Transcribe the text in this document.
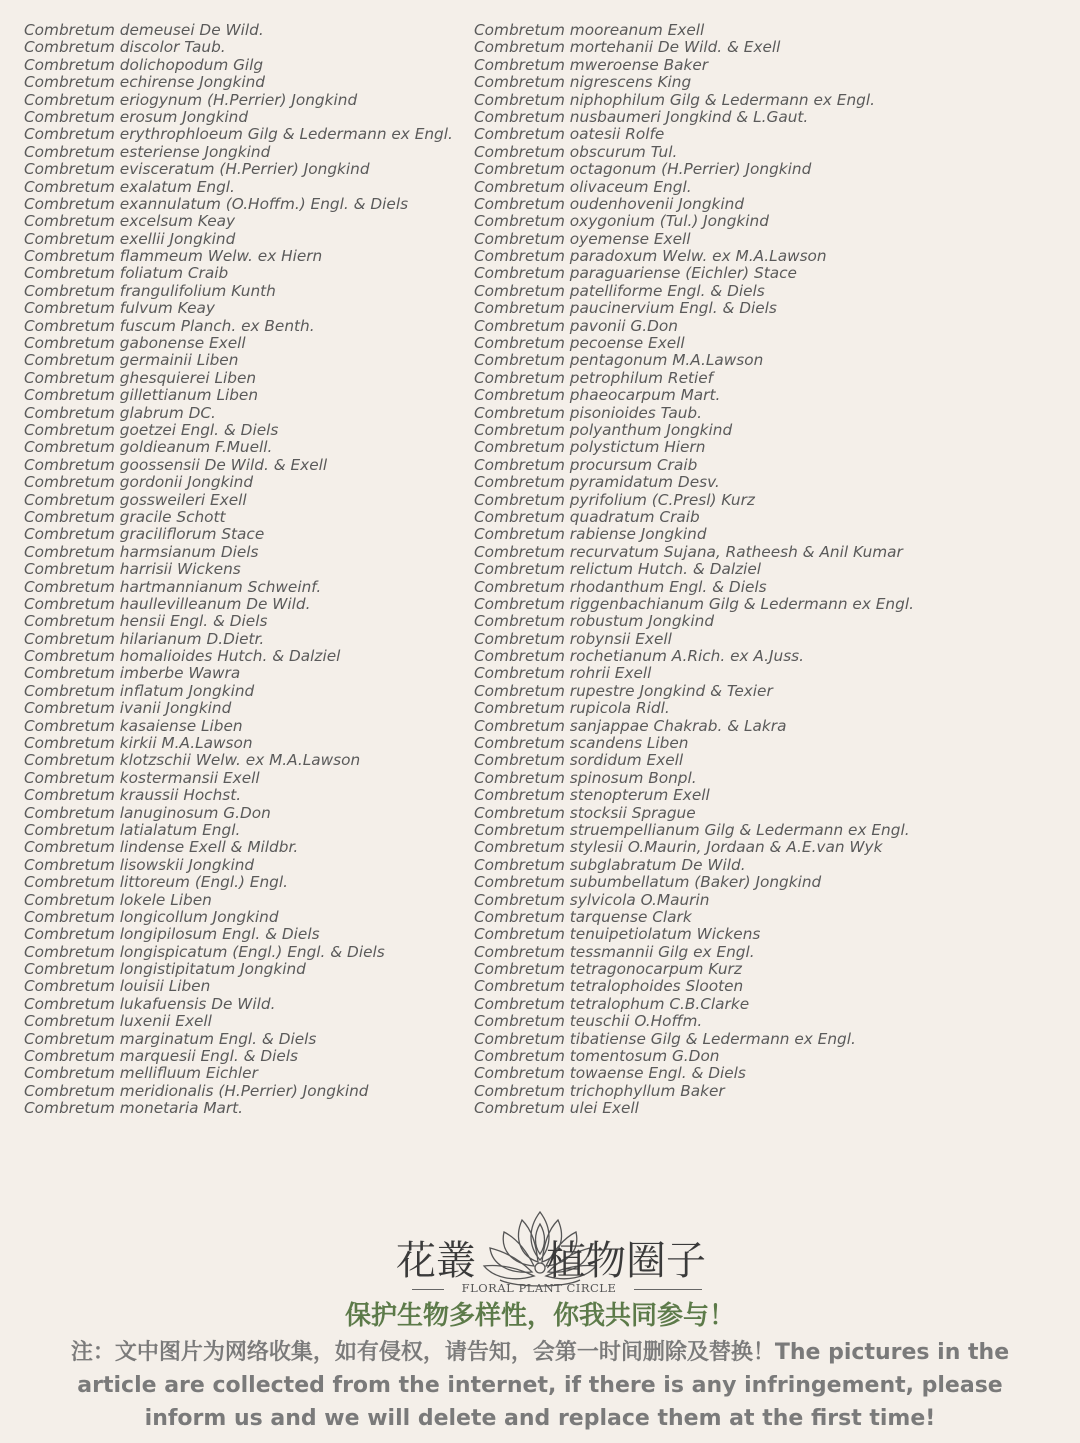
Combretum demeusei De Wild.
Combretum discolor Taub.
Combretum dolichopodum Gilg
Combretum echirense Jongkind
Combretum eriogynum (H.Perrier) Jongkind
Combretum erosum Jongkind
Combretum erythrophloeum Gilg & Ledermann ex Engl.
Combretum esteriense Jongkind
Combretum evisceratum (H.Perrier) Jongkind
Combretum exalatum Engl.
Combretum exannulatum (O.Hoffm.) Engl. & Diels
Combretum excelsum Keay
Combretum exellii Jongkind
Combretum flammeum Welw. ex Hiern
Combretum foliatum Craib
Combretum frangulifolium Kunth
Combretum fulvum Keay
Combretum fuscum Planch. ex Benth.
Combretum gabonense Exell
Combretum germainii Liben
Combretum ghesquierei Liben
Combretum gillettianum Liben
Combretum glabrum DC.
Combretum goetzei Engl. & Diels
Combretum goldieanum F.Muell.
Combretum goossensii De Wild. & Exell
Combretum gordonii Jongkind
Combretum gossweileri Exell
Combretum gracile Schott
Combretum graciliflorum Stace
Combretum harmsianum Diels
Combretum harrisii Wickens
Combretum hartmannianum Schweinf.
Combretum haullevilleanum De Wild.
Combretum hensii Engl. & Diels
Combretum hilarianum D.Dietr.
Combretum homalioides Hutch. & Dalziel
Combretum imberbe Wawra
Combretum inflatum Jongkind
Combretum ivanii Jongkind
Combretum kasaiense Liben
Combretum kirkii M.A.Lawson
Combretum klotzschii Welw. ex M.A.Lawson
Combretum kostermansii Exell
Combretum kraussii Hochst.
Combretum lanuginosum G.Don
Combretum latialatum Engl.
Combretum lindense Exell & Mildbr.
Combretum lisowskii Jongkind
Combretum littoreum (Engl.) Engl.
Combretum lokele Liben
Combretum longicollum Jongkind
Combretum longipilosum Engl. & Diels
Combretum longispicatum (Engl.) Engl. & Diels
Combretum longistipitatum Jongkind
Combretum louisii Liben
Combretum lukafuensis De Wild.
Combretum luxenii Exell
Combretum marginatum Engl. & Diels
Combretum marquesii Engl. & Diels
Combretum mellifluum Eichler
Combretum meridionalis (H.Perrier) Jongkind
Combretum monetaria Mart.
Combretum mooreanum Exell
Combretum mortehanii De Wild. & Exell
Combretum mweroense Baker
Combretum nigrescens King
Combretum niphophilum Gilg & Ledermann ex Engl.
Combretum nusbaumeri Jongkind & L.Gaut.
Combretum oatesii Rolfe
Combretum obscurum Tul.
Combretum octagonum (H.Perrier) Jongkind
Combretum olivaceum Engl.
Combretum oudenhovenii Jongkind
Combretum oxygonium (Tul.) Jongkind
Combretum oyemense Exell
Combretum paradoxum Welw. ex M.A.Lawson
Combretum paraguariense (Eichler) Stace
Combretum patelliforme Engl. & Diels
Combretum paucinervium Engl. & Diels
Combretum pavonii G.Don
Combretum pecoense Exell
Combretum pentagonum M.A.Lawson
Combretum petrophilum Retief
Combretum phaeocarpum Mart.
Combretum pisonioides Taub.
Combretum polyanthum Jongkind
Combretum polystictum Hiern
Combretum procursum Craib
Combretum pyramidatum Desv.
Combretum pyrifolium (C.Presl) Kurz
Combretum quadratum Craib
Combretum rabiense Jongkind
Combretum recurvatum Sujana, Ratheesh & Anil Kumar
Combretum relictum Hutch. & Dalziel
Combretum rhodanthum Engl. & Diels
Combretum riggenbachianum Gilg & Ledermann ex Engl.
Combretum robustum Jongkind
Combretum robynsii Exell
Combretum rochetianum A.Rich. ex A.Juss.
Combretum rohrii Exell
Combretum rupestre Jongkind & Texier
Combretum rupicola Ridl.
Combretum sanjappae Chakrab. & Lakra
Combretum scandens Liben
Combretum sordidum Exell
Combretum spinosum Bonpl.
Combretum stenopterum Exell
Combretum stocksii Sprague
Combretum struempellianum Gilg & Ledermann ex Engl.
Combretum stylesii O.Maurin, Jordaan & A.E.van Wyk
Combretum subglabratum De Wild.
Combretum subumbellatum (Baker) Jongkind
Combretum sylvicola O.Maurin
Combretum tarquense Clark
Combretum tenuipetiolatum Wickens
Combretum tessmannii Gilg ex Engl.
Combretum tetragonocarpum Kurz
Combretum tetralophoides Slooten
Combretum tetralophum C.B.Clarke
Combretum teuschii O.Hoffm.
Combretum tibatiense Gilg & Ledermann ex Engl.
Combretum tomentosum G.Don
Combretum towaense Engl. & Diels
Combretum trichophyllum Baker
Combretum ulei Exell
花叢 植物圈子
FLORAL PLANT CIRCLE
保护生物多样性，你我共同参与！
注：文中图片为网络收集，如有侵权，请告知，会第一时间删除及替换！The pictures in the article are collected from the internet, if there is any infringement, please inform us and we will delete and replace them at the first time!
